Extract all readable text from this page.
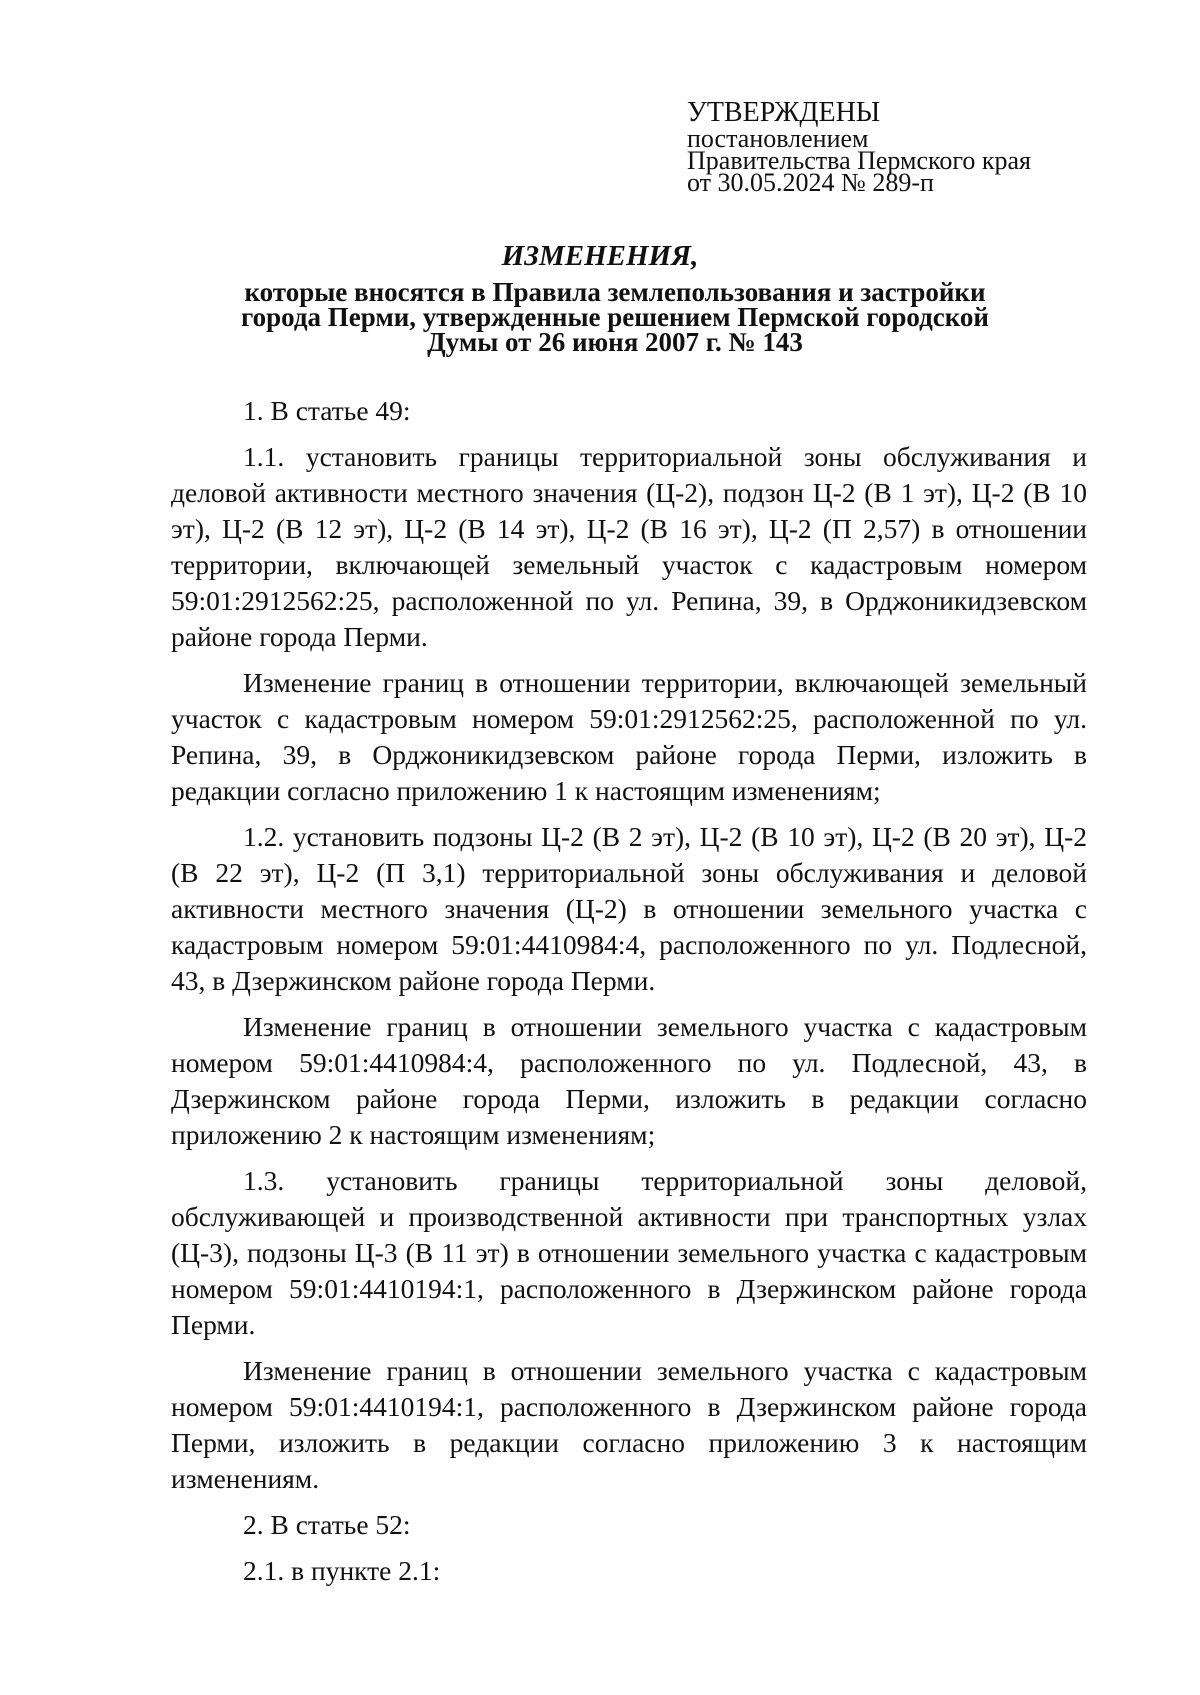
УТВЕРЖДЕНЫ
постановлением
Правительства Пермского края
от 30.05.2024 № 289-п
ИЗМЕНЕНИЯ,
которые вносятся в Правила землепользования и застройки
города Перми, утвержденные решением Пермской городской
Думы от 26 июня 2007 г. № 143

1. В статье 49:

1.1. установить границы территориальной зоны обслуживания и деловой активности местного значения (Ц-2), подзон Ц-2 (В 1 эт), Ц-2 (В 10 эт), Ц-2 (В 12 эт), Ц-2 (В 14 эт), Ц-2 (В 16 эт), Ц-2 (П 2,57) в отношении территории, включающей земельный участок с кадастровым номером 59:01:2912562:25, расположенной по ул. Репина, 39, в Орджоникидзевском районе города Перми.

Изменение границ в отношении территории, включающей земельный участок с кадастровым номером 59:01:2912562:25, расположенной по ул. Репина, 39, в Орджоникидзевском районе города Перми, изложить в редакции согласно приложению 1 к настоящим изменениям;

1.2. установить подзоны Ц-2 (В 2 эт), Ц-2 (В 10 эт), Ц-2 (В 20 эт), Ц-2 (В 22 эт), Ц-2 (П 3,1) территориальной зоны обслуживания и деловой активности местного значения (Ц-2) в отношении земельного участка с кадастровым номером 59:01:4410984:4, расположенного по ул. Подлесной, 43, в Дзержинском районе города Перми.

Изменение границ в отношении земельного участка с кадастровым номером 59:01:4410984:4, расположенного по ул. Подлесной, 43, в Дзержинском районе города Перми, изложить в редакции согласно приложению 2 к настоящим изменениям;

1.3. установить границы территориальной зоны деловой, обслуживающей и производственной активности при транспортных узлах (Ц-3), подзоны Ц-3 (В 11 эт) в отношении земельного участка с кадастровым номером 59:01:4410194:1, расположенного в Дзержинском районе города Перми.

Изменение границ в отношении земельного участка с кадастровым номером 59:01:4410194:1, расположенного в Дзержинском районе города Перми, изложить в редакции согласно приложению 3 к настоящим изменениям.

2. В статье 52:

2.1. в пункте 2.1:
